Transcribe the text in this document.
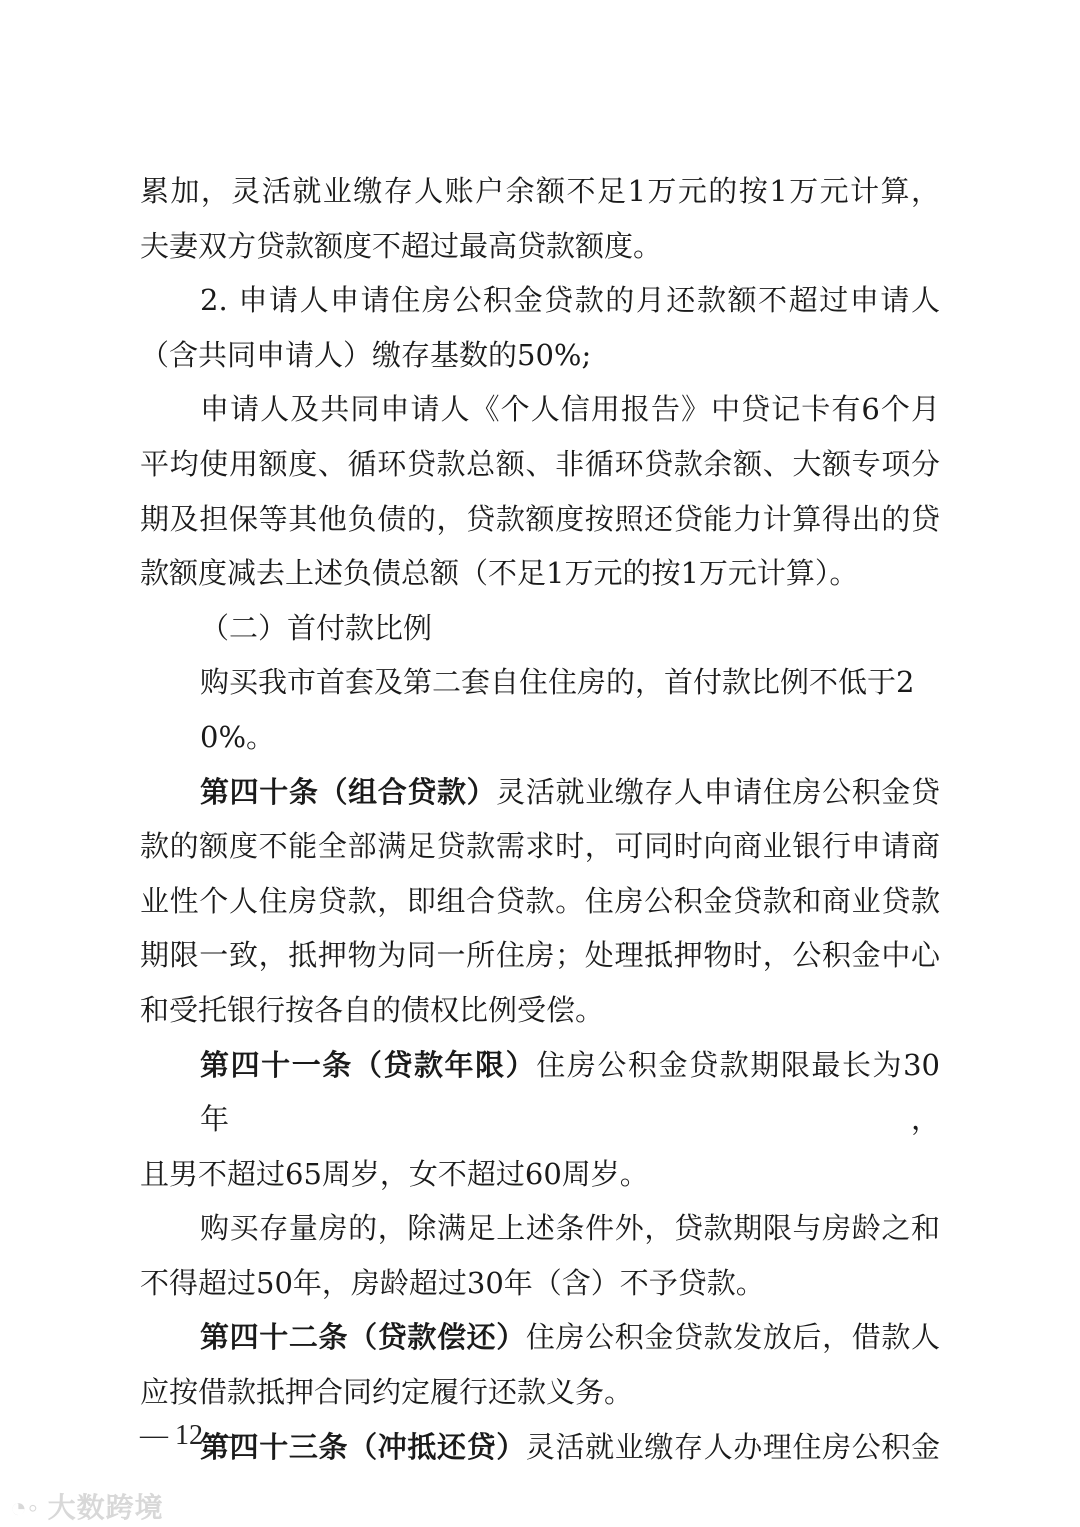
累加，灵活就业缴存人账户余额不足1万元的按1万元计算，
夫妻双方贷款额度不超过最高贷款额度。
2. 申请人申请住房公积金贷款的月还款额不超过申请人
（含共同申请人）缴存基数的50%;
申请人及共同申请人《个人信用报告》中贷记卡有6个月
平均使用额度、循环贷款总额、非循环贷款余额、大额专项分
期及担保等其他负债的，贷款额度按照还贷能力计算得出的贷
款额度减去上述负债总额（不足1万元的按1万元计算）。
（二）首付款比例
购买我市首套及第二套自住住房的，首付款比例不低于20%。
第四十条（组合贷款）灵活就业缴存人申请住房公积金贷
款的额度不能全部满足贷款需求时，可同时向商业银行申请商
业性个人住房贷款，即组合贷款。住房公积金贷款和商业贷款
期限一致，抵押物为同一所住房；处理抵押物时，公积金中心
和受托银行按各自的债权比例受偿。
第四十一条（贷款年限）住房公积金贷款期限最长为30年，
且男不超过65周岁，女不超过60周岁。
购买存量房的，除满足上述条件外，贷款期限与房龄之和
不得超过50年，房龄超过30年（含）不予贷款。
第四十二条（贷款偿还）住房公积金贷款发放后，借款人
应按借款抵押合同约定履行还款义务。
第四十三条（冲抵还贷）灵活就业缴存人办理住房公积金
— 12 —
◔◦ 大数跨境
